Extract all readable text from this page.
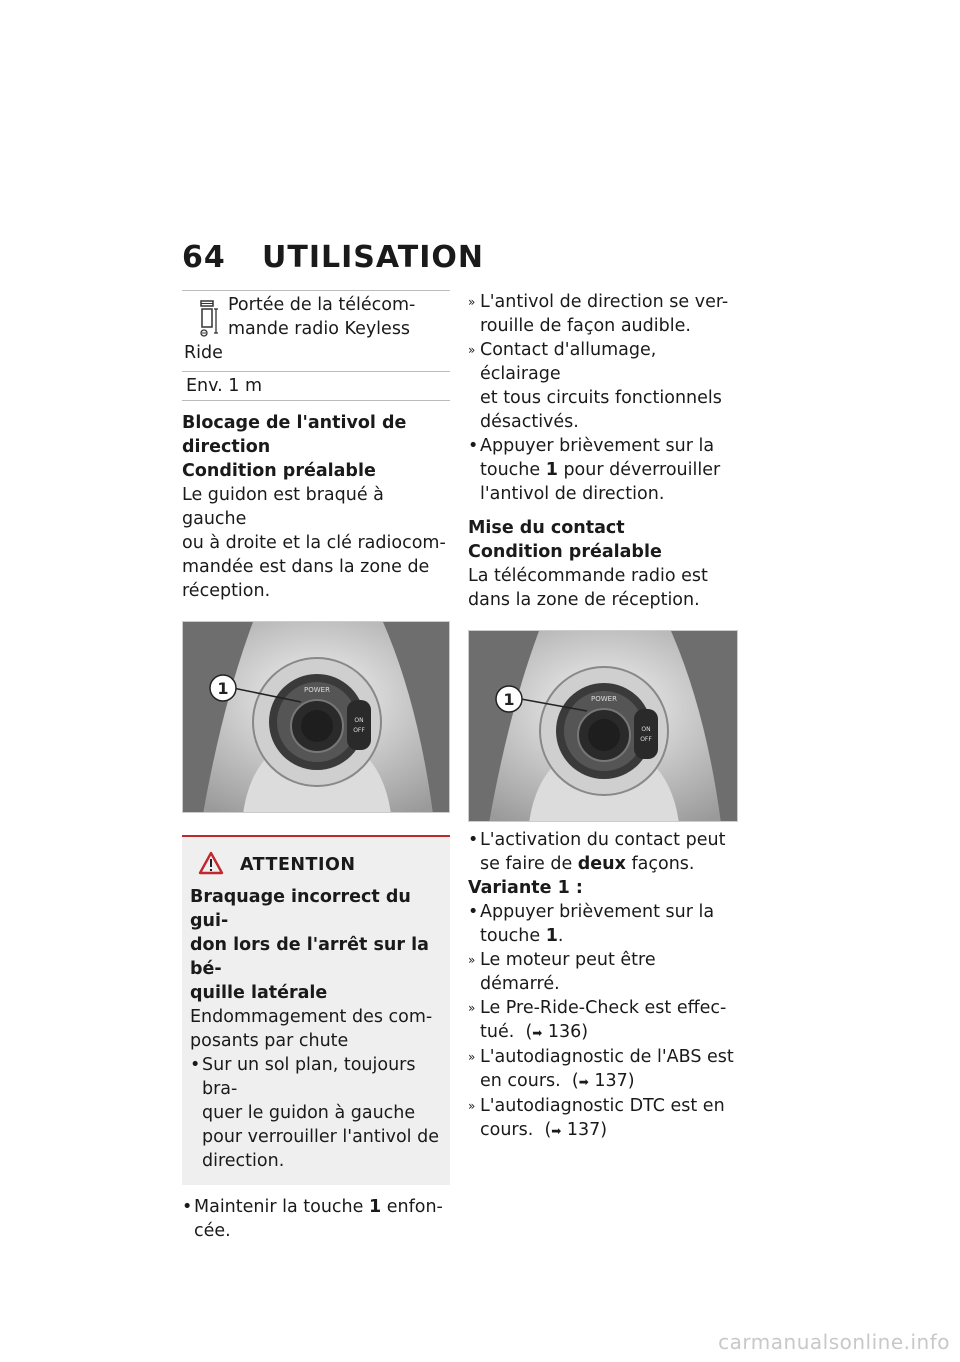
64	UTILISATION
Portée de la télécom-
mande radio Keyless
Ride
Env. 1 m
Blocage de l'antivol de
direction
Condition préalable
Le guidon est braqué à gauche
ou à droite et la clé radiocom-
mandée est dans la zone de
réception.
POWER
ON
OFF
1
ATTENTION
Braquage incorrect du gui-
don lors de l'arrêt sur la bé-
quille latérale
Endommagement des com-
posants par chute
• Sur un sol plan, toujours bra-
quer le guidon à gauche
pour verrouiller l'antivol de
direction.
• Maintenir la touche 1 enfon-
cée.
» L'antivol de direction se ver-
rouille de façon audible.
» Contact d'allumage, éclairage
et tous circuits fonctionnels
désactivés.
• Appuyer brièvement sur la
touche 1 pour déverrouiller
l'antivol de direction.
Mise du contact
Condition préalable
La télécommande radio est
dans la zone de réception.
POWER
ON
OFF
1
• L'activation du contact peut
se faire de deux façons.
Variante 1 :
• Appuyer brièvement sur la
touche 1.
» Le moteur peut être démarré.
» Le Pre-Ride-Check est effec-
tué.  (➡ 136)
» L'autodiagnostic de l'ABS est
en cours.  (➡ 137)
» L'autodiagnostic DTC est en
cours.  (➡ 137)
carmanualsonline.info
